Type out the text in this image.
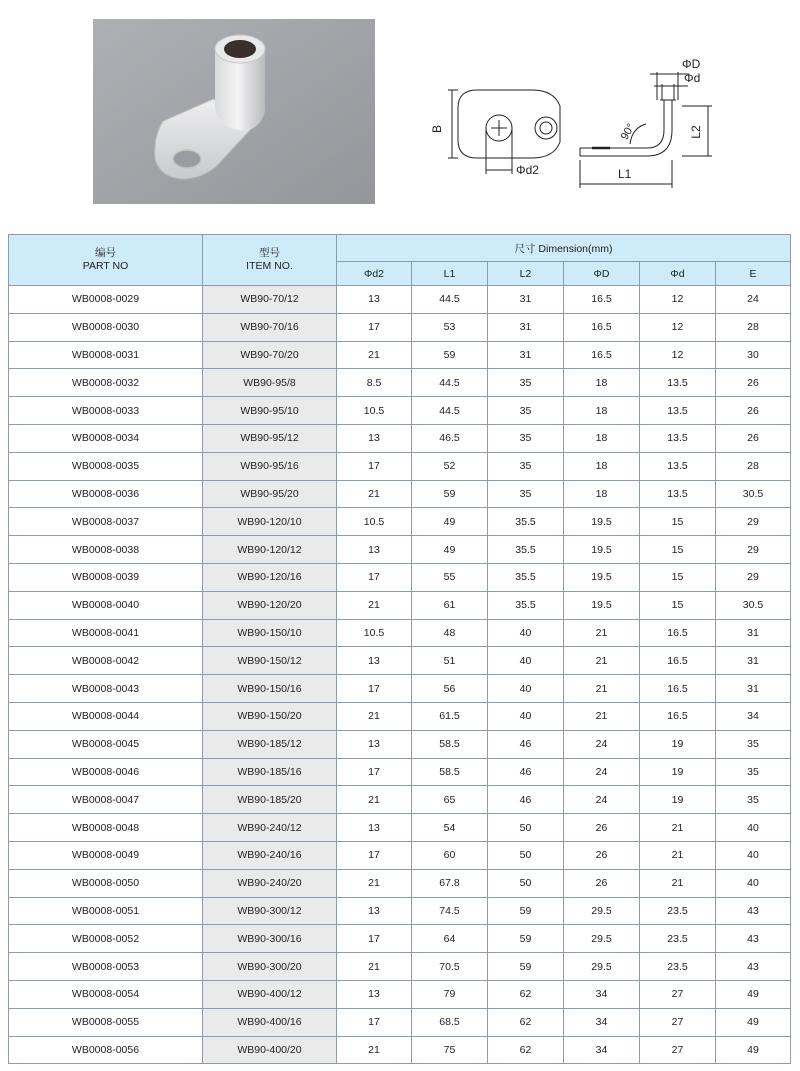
B
Φd2
ΦD
Φd
90°	L2
L1
编号
PART NO	型号
ITEM NO.	尺寸 Dimension(mm)					
		Φd2	L1	L2	ΦD	Φd	E
WB0008-0029	WB90-70/12	13	44.5	31	16.5	12	24
WB0008-0030	WB90-70/16	17	53	31	16.5	12	28
WB0008-0031	WB90-70/20	21	59	31	16.5	12	30
WB0008-0032	WB90-95/8	8.5	44.5	35	18	13.5	26
WB0008-0033	WB90-95/10	10.5	44.5	35	18	13.5	26
WB0008-0034	WB90-95/12	13	46.5	35	18	13.5	26
WB0008-0035	WB90-95/16	17	52	35	18	13.5	28
WB0008-0036	WB90-95/20	21	59	35	18	13.5	30.5
WB0008-0037	WB90-120/10	10.5	49	35.5	19.5	15	29
WB0008-0038	WB90-120/12	13	49	35.5	19.5	15	29
WB0008-0039	WB90-120/16	17	55	35.5	19.5	15	29
WB0008-0040	WB90-120/20	21	61	35.5	19.5	15	30.5
WB0008-0041	WB90-150/10	10.5	48	40	21	16.5	31
WB0008-0042	WB90-150/12	13	51	40	21	16.5	31
WB0008-0043	WB90-150/16	17	56	40	21	16.5	31
WB0008-0044	WB90-150/20	21	61.5	40	21	16.5	34
WB0008-0045	WB90-185/12	13	58.5	46	24	19	35
WB0008-0046	WB90-185/16	17	58.5	46	24	19	35
WB0008-0047	WB90-185/20	21	65	46	24	19	35
WB0008-0048	WB90-240/12	13	54	50	26	21	40
WB0008-0049	WB90-240/16	17	60	50	26	21	40
WB0008-0050	WB90-240/20	21	67.8	50	26	21	40
WB0008-0051	WB90-300/12	13	74.5	59	29.5	23.5	43
WB0008-0052	WB90-300/16	17	64	59	29.5	23.5	43
WB0008-0053	WB90-300/20	21	70.5	59	29.5	23.5	43
WB0008-0054	WB90-400/12	13	79	62	34	27	49
WB0008-0055	WB90-400/16	17	68.5	62	34	27	49
WB0008-0056	WB90-400/20	21	75	62	34	27	49
